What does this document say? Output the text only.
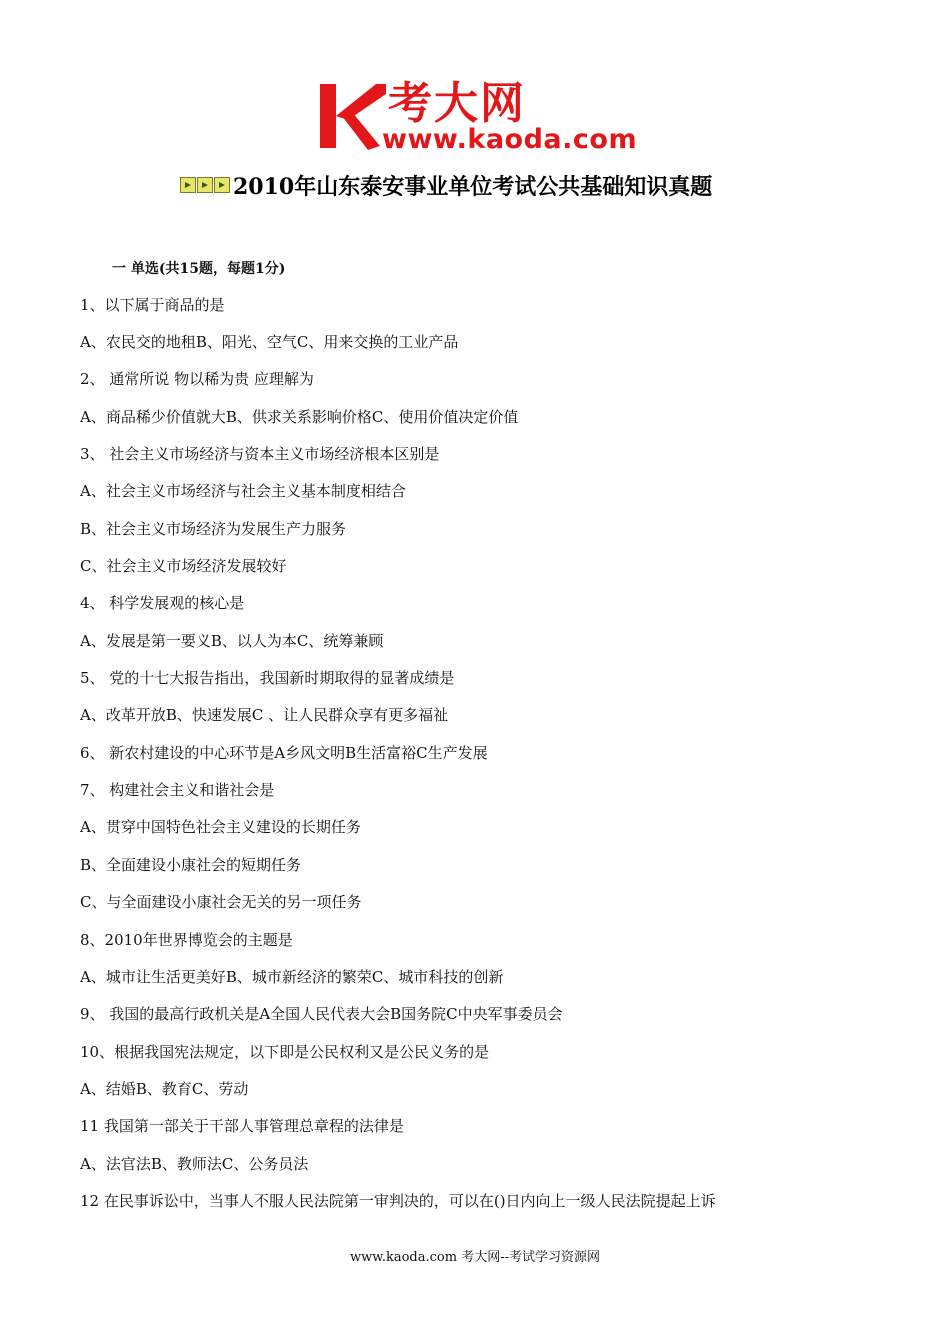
考大网
www.kaoda.com
2010年山东泰安事业单位考试公共基础知识真题
一 单选(共15题，每题1分)
1、以下属于商品的是
A、农民交的地租B、阳光、空气C、用来交换的工业产品
2、 通常所说 物以稀为贵 应理解为
A、商品稀少价值就大B、供求关系影响价格C、使用价值决定价值
3、 社会主义市场经济与资本主义市场经济根本区别是
A、社会主义市场经济与社会主义基本制度相结合
B、社会主义市场经济为发展生产力服务
C、社会主义市场经济发展较好
4、 科学发展观的核心是
A、发展是第一要义B、以人为本C、统筹兼顾
5、 党的十七大报告指出，我国新时期取得的显著成绩是
A、改革开放B、快速发展C 、让人民群众享有更多福祉
6、 新农村建设的中心环节是A乡风文明B生活富裕C生产发展
7、 构建社会主义和谐社会是
A、贯穿中国特色社会主义建设的长期任务
B、全面建设小康社会的短期任务
C、与全面建设小康社会无关的另一项任务
8、2010年世界博览会的主题是
A、城市让生活更美好B、城市新经济的繁荣C、城市科技的创新
9、 我国的最高行政机关是A全国人民代表大会B国务院C中央军事委员会
10、根据我国宪法规定，以下即是公民权利又是公民义务的是
A、结婚B、教育C、劳动
11 我国第一部关于干部人事管理总章程的法律是
A、法官法B、教师法C、公务员法
12 在民事诉讼中，当事人不服人民法院第一审判决的，可以在()日内向上一级人民法院提起上诉
www.kaoda.com 考大网--考试学习资源网
